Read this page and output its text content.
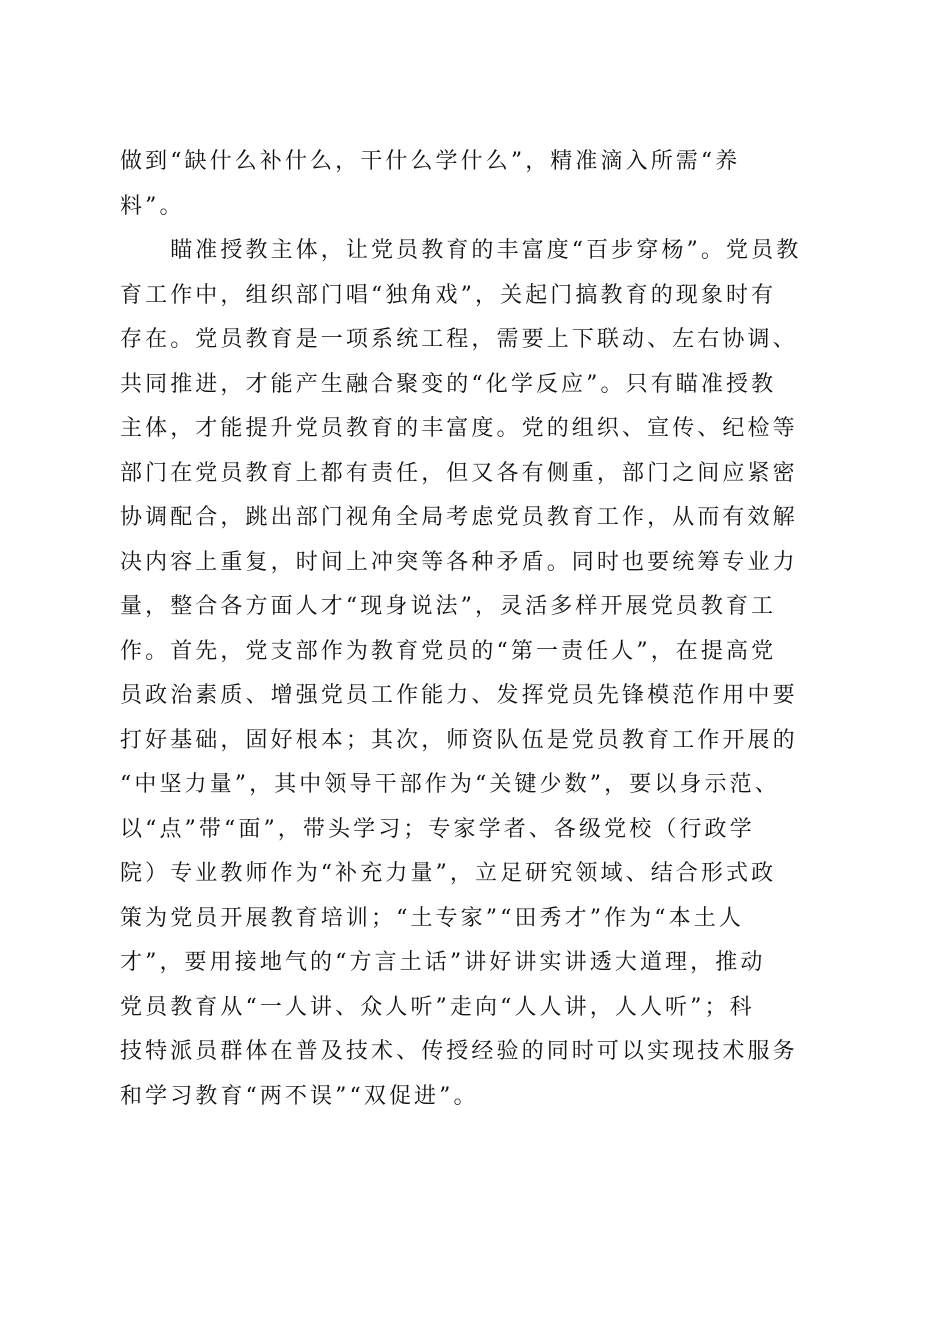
做到“缺什么补什么，干什么学什么”，精准滴入所需“养
料”。
　　瞄准授教主体，让党员教育的丰富度“百步穿杨”。党员教
育工作中，组织部门唱“独角戏”，关起门搞教育的现象时有
存在。党员教育是一项系统工程，需要上下联动、左右协调、
共同推进，才能产生融合聚变的“化学反应”。只有瞄准授教
主体，才能提升党员教育的丰富度。党的组织、宣传、纪检等
部门在党员教育上都有责任，但又各有侧重，部门之间应紧密
协调配合，跳出部门视角全局考虑党员教育工作，从而有效解
决内容上重复，时间上冲突等各种矛盾。同时也要统筹专业力
量，整合各方面人才“现身说法”，灵活多样开展党员教育工
作。首先，党支部作为教育党员的“第一责任人”，在提高党
员政治素质、增强党员工作能力、发挥党员先锋模范作用中要
打好基础，固好根本；其次，师资队伍是党员教育工作开展的
“中坚力量”，其中领导干部作为“关键少数”，要以身示范、
以“点”带“面”，带头学习；专家学者、各级党校（行政学
院）专业教师作为“补充力量”，立足研究领域、结合形式政
策为党员开展教育培训；“土专家”“田秀才”作为“本土人
才”，要用接地气的“方言土话”讲好讲实讲透大道理，推动
党员教育从“一人讲、众人听”走向“人人讲，人人听”；科
技特派员群体在普及技术、传授经验的同时可以实现技术服务
和学习教育“两不误”“双促进”。
